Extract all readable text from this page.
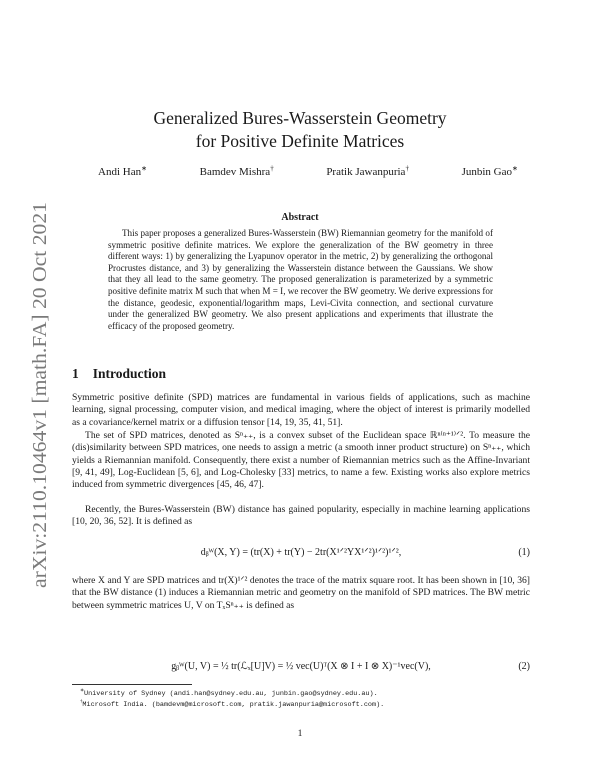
arXiv:2110.10464v1 [math.FA] 20 Oct 2021
Generalized Bures-Wasserstein Geometry
for Positive Definite Matrices
Andi Han∗	Bamdev Mishra†	Pratik Jawanpuria†	Junbin Gao∗
Abstract
This paper proposes a generalized Bures-Wasserstein (BW) Riemannian geometry for the manifold of symmetric positive definite matrices. We explore the generalization of the BW geometry in three different ways: 1) by generalizing the Lyapunov operator in the metric, 2) by generalizing the orthogonal Procrustes distance, and 3) by generalizing the Wasserstein distance between the Gaussians. We show that they all lead to the same geometry. The proposed generalization is parameterized by a symmetric positive definite matrix M such that when M = I, we recover the BW geometry. We derive expressions for the distance, geodesic, exponential/logarithm maps, Levi-Civita connection, and sectional curvature under the generalized BW geometry. We also present applications and experiments that illustrate the efficacy of the proposed geometry.
1 Introduction
Symmetric positive definite (SPD) matrices are fundamental in various fields of applications, such as machine learning, signal processing, computer vision, and medical imaging, where the object of interest is primarily modelled as a covariance/kernel matrix or a diffusion tensor [14, 19, 35, 41, 51].
The set of SPD matrices, denoted as Sⁿ₊₊, is a convex subset of the Euclidean space ℝⁿ⁽ⁿ⁺¹⁾ᐟ². To measure the (dis)similarity between SPD matrices, one needs to assign a metric (a smooth inner product structure) on Sⁿ₊₊, which yields a Riemannian manifold. Consequently, there exist a number of Riemannian metrics such as the Affine-Invariant [9, 41, 49], Log-Euclidean [5, 6], and Log-Cholesky [33] metrics, to name a few. Existing works also explore metrics induced from symmetric divergences [45, 46, 47].
Recently, the Bures-Wasserstein (BW) distance has gained popularity, especially in machine learning applications [10, 20, 36, 52]. It is defined as
dᵦᵂ(X, Y) = (tr(X) + tr(Y) − 2tr(X¹ᐟ²YX¹ᐟ²)¹ᐟ²)¹ᐟ²,	(1)
where X and Y are SPD matrices and tr(X)¹ᐟ² denotes the trace of the matrix square root. It has been shown in [10, 36] that the BW distance (1) induces a Riemannian metric and geometry on the manifold of SPD matrices. The BW metric between symmetric matrices U, V on TₓSⁿ₊₊ is defined as
gᵦᵂ(U, V) = ½ tr(ℒₓ[U]V) = ½ vec(U)ᵀ(X ⊗ I + I ⊗ X)⁻¹vec(V),	(2)
∗University of Sydney (andi.han@sydney.edu.au, junbin.gao@sydney.edu.au).
†Microsoft India. (bamdevm@microsoft.com, pratik.jawanpuria@microsoft.com).
1
